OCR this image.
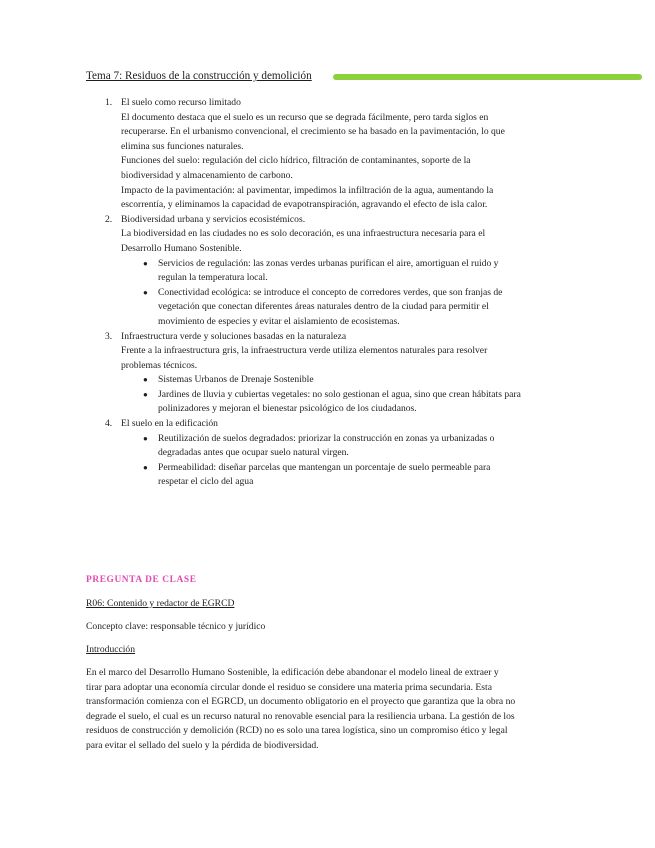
Tema 7: Residuos de la construcción y demolición
1. El suelo como recurso limitado

El documento destaca que el suelo es un recurso que se degrada fácilmente, pero tarda siglos en recuperarse. En el urbanismo convencional, el crecimiento se ha basado en la pavimentación, lo que elimina sus funciones naturales.

Funciones del suelo: regulación del ciclo hídrico, filtración de contaminantes, soporte de la biodiversidad y almacenamiento de carbono.

Impacto de la pavimentación: al pavimentar, impedimos la infiltración de la agua, aumentando la escorrentía, y eliminamos la capacidad de evapotranspiración, agravando el efecto de isla calor.

2. Biodiversidad urbana y servicios ecosistémicos.

La biodiversidad en las ciudades no es solo decoración, es una infraestructura necesaria para el Desarrollo Humano Sostenible.

● Servicios de regulación: las zonas verdes urbanas purifican el aire, amortiguan el ruido y regulan la temperatura local.
● Conectividad ecológica: se introduce el concepto de corredores verdes, que son franjas de vegetación que conectan diferentes áreas naturales dentro de la ciudad para permitir el movimiento de especies y evitar el aislamiento de ecosistemas.
3. Infraestructura verde y soluciones basadas en la naturaleza

Frente a la infraestructura gris, la infraestructura verde utiliza elementos naturales para resolver problemas técnicos.

● Sistemas Urbanos de Drenaje Sostenible
● Jardines de lluvia y cubiertas vegetales: no solo gestionan el agua, sino que crean hábitats para polinizadores y mejoran el bienestar psicológico de los ciudadanos.
4. El suelo en la edificación

● Reutilización de suelos degradados: priorizar la construcción en zonas ya urbanizadas o degradadas antes que ocupar suelo natural virgen.
● Permeabilidad: diseñar parcelas que mantengan un porcentaje de suelo permeable para respetar el ciclo del agua
PREGUNTA DE CLASE
R06: Contenido y redactor de EGRCD
Concepto clave: responsable técnico y jurídico
Introducción
En el marco del Desarrollo Humano Sostenible, la edificación debe abandonar el modelo lineal de extraer y tirar para adoptar una economía circular donde el residuo se considere una materia prima secundaria. Esta transformación comienza con el EGRCD, un documento obligatorio en el proyecto que garantiza que la obra no degrade el suelo, el cual es un recurso natural no renovable esencial para la resiliencia urbana. La gestión de los residuos de construcción y demolición (RCD) no es solo una tarea logística, sino un compromiso ético y legal para evitar el sellado del suelo y la pérdida de biodiversidad.
